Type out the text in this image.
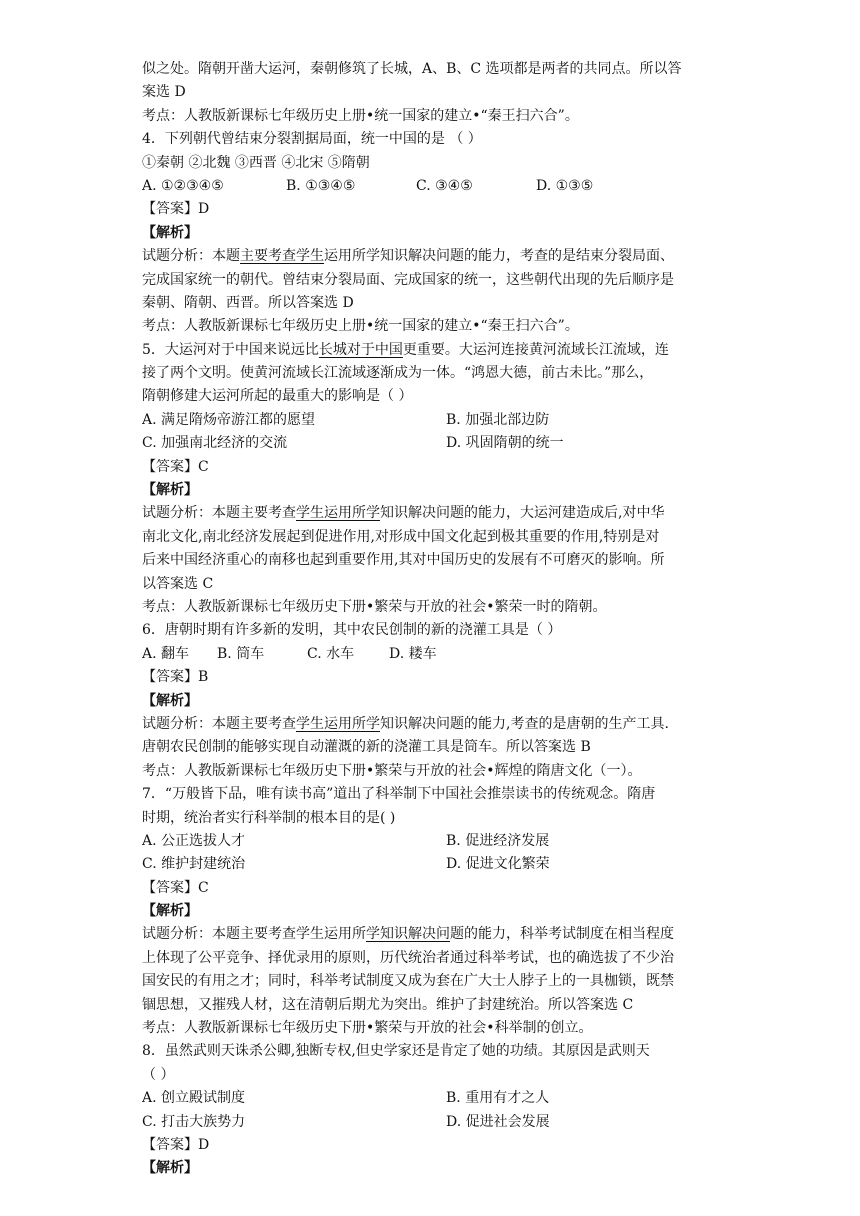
似之处。隋朝开凿大运河，秦朝修筑了长城，A、B、C 选项都是两者的共同点。所以答
案选 D
考点：人教版新课标七年级历史上册•统一国家的建立•“秦王扫六合”。
4．下列朝代曾结束分裂割据局面，统一中国的是 （ ）
①秦朝 ②北魏 ③西晋 ④北宋 ⑤隋朝
A. ①②③④⑤	B. ①③④⑤	C. ③④⑤	D. ①③⑤
【答案】D
【解析】
试题分析：本题主要考查学生运用所学知识解决问题的能力，考查的是结束分裂局面、
完成国家统一的朝代。曾结束分裂局面、完成国家的统一，这些朝代出现的先后顺序是
秦朝、隋朝、西晋。所以答案选 D
考点：人教版新课标七年级历史上册•统一国家的建立•“秦王扫六合”。
5．大运河对于中国来说远比长城对于中国更重要。大运河连接黄河流域长江流域，连
接了两个文明。使黄河流域长江流域逐渐成为一体。“鸿恩大德，前古未比。”那么，
隋朝修建大运河所起的最重大的影响是（ ）
A. 满足隋炀帝游江都的愿望	B. 加强北部边防
C. 加强南北经济的交流	D. 巩固隋朝的统一
【答案】C
【解析】
试题分析：本题主要考查学生运用所学知识解决问题的能力，大运河建造成后,对中华
南北文化,南北经济发展起到促进作用,对形成中国文化起到极其重要的作用,特别是对
后来中国经济重心的南移也起到重要作用,其对中国历史的发展有不可磨灭的影响。所
以答案选 C
考点：人教版新课标七年级历史下册•繁荣与开放的社会•繁荣一时的隋朝。
6．唐朝时期有许多新的发明，其中农民创制的新的浇灌工具是（ ）
A. 翻车 B. 筒车	C. 水车 D. 耧车
【答案】B
【解析】
试题分析：本题主要考查学生运用所学知识解决问题的能力,考查的是唐朝的生产工具.
唐朝农民创制的能够实现自动灌溉的新的浇灌工具是筒车。所以答案选 B
考点：人教版新课标七年级历史下册•繁荣与开放的社会•辉煌的隋唐文化（一）。
7．“万般皆下品，唯有读书高”道出了科举制下中国社会推崇读书的传统观念。隋唐
时期，统治者实行科举制的根本目的是( )
A. 公正选拔人才	B. 促进经济发展
C. 维护封建统治	D. 促进文化繁荣
【答案】C
【解析】
试题分析：本题主要考查学生运用所学知识解决问题的能力，科举考试制度在相当程度
上体现了公平竞争、择优录用的原则，历代统治者通过科举考试，也的确选拔了不少治
国安民的有用之才；同时，科举考试制度又成为套在广大士人脖子上的一具枷锁，既禁
锢思想，又摧残人材，这在清朝后期尤为突出。维护了封建统治。所以答案选 C
考点：人教版新课标七年级历史下册•繁荣与开放的社会•科举制的创立。
8．虽然武则天诛杀公卿,独断专权,但史学家还是肯定了她的功绩。其原因是武则天
（ ）
A. 创立殿试制度	B. 重用有才之人
C. 打击大族势力	D. 促进社会发展
【答案】D
【解析】
